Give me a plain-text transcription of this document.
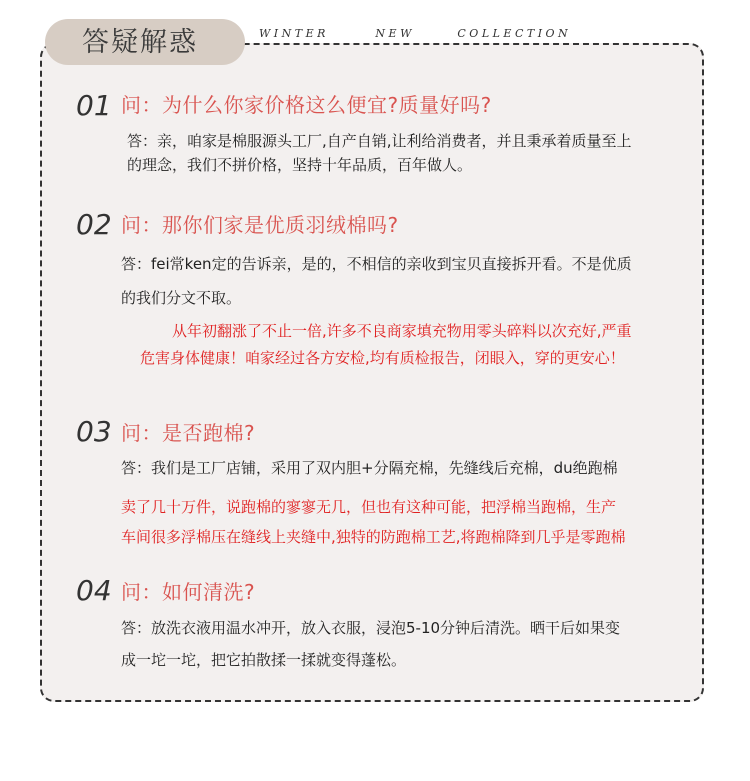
答疑解惑	W I N T E R	N E W	C O L L E C T I O N
01 问：为什么你家价格这么便宜?质量好吗?
答：亲，咱家是棉服源头工厂,自产自销,让利给消费者，并且秉承着质量至上
的理念，我们不拼价格，坚持十年品质，百年做人。
02 问：那你们家是优质羽绒棉吗?
答：fei常ken定的告诉亲，是的，不相信的亲收到宝贝直接拆开看。不是优质
的我们分文不取。
从年初翻涨了不止一倍,许多不良商家填充物用零头碎料以次充好,严重
危害身体健康！咱家经过各方安检,均有质检报告，闭眼入，穿的更安心！
03 问：是否跑棉?
答：我们是工厂店铺，采用了双内胆+分隔充棉，先缝线后充棉，du绝跑棉
卖了几十万件，说跑棉的寥寥无几，但也有这种可能，把浮棉当跑棉，生产
车间很多浮棉压在缝线上夹缝中,独特的防跑棉工艺,将跑棉降到几乎是零跑棉
04 问：如何清洗?
答：放洗衣液用温水冲开，放入衣服，浸泡5-10分钟后清洗。晒干后如果变
成一坨一坨，把它拍散揉一揉就变得蓬松。
